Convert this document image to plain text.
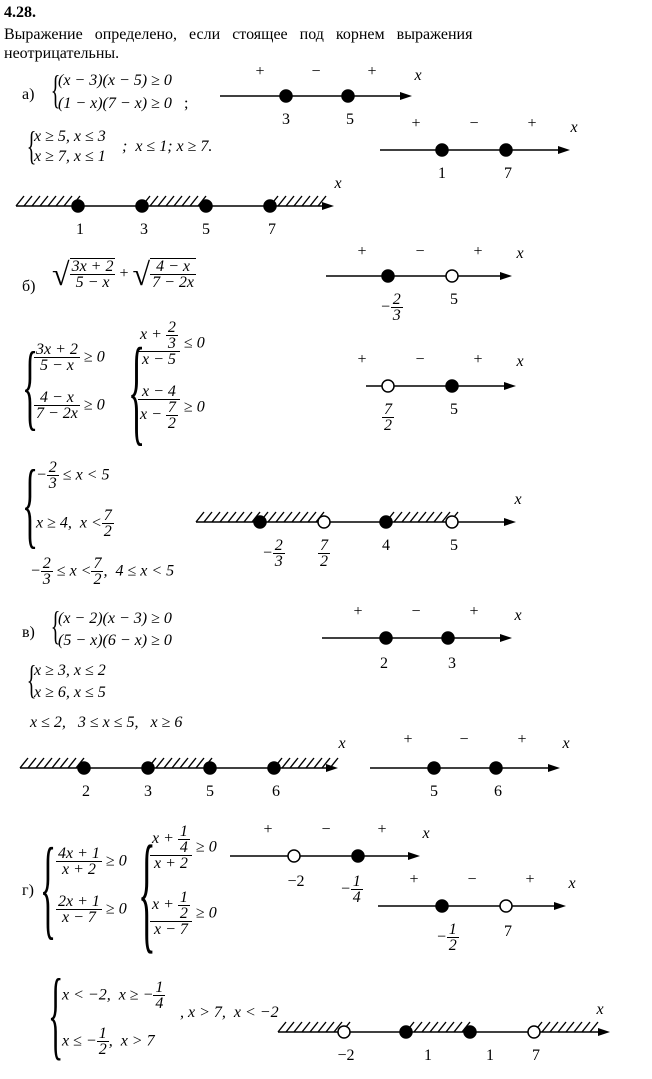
4.28.
Выражение   определено,   если   стоящее   под   корнем   выражения
неотрицательны.
а) {
(x − 3)(x − 5) ≥ 0
(1 − x)(7 − x) ≥ 0 ;
{
x ≥ 5, x ≤ 3
x ≥ 7, x ≤ 1
;  x ≤ 1; x ≥ 7.
б) √ $\frac{3x + 2}{5 - x}$ + √ $\frac{4 - x}{7 - 2x}$
{
$\frac{3x + 2}{5 - x} \ge 0$
$\frac{4 - x}{7 - 2x} \ge 0$ {
$\frac{x + \frac{2}{3}}{x - 5} \le 0$
$\frac{x - 4}{x - \frac{7}{2}} \ge 0$
{
− $\frac{2}{3} \le x < 5$
x ≥ 4,  $x < \frac{7}{2}$
− $\frac{2}{3} \le x < \frac{7}{2}$ ,  4 ≤ x < 5
в) {
(x − 2)(x − 3) ≥ 0
(5 − x)(6 − x) ≥ 0
{
x ≥ 3, x ≤ 2
x ≥ 6, x ≤ 5
x ≤ 2,   3 ≤ x ≤ 5,   x ≥ 6
г) { $\frac{4x + 1}{x + 2} \ge 0$
$\frac{2x + 1}{x - 7} \ge 0$ {
$\frac{x + \frac{1}{4}}{x + 2} \ge 0$
$\frac{x + \frac{1}{2}}{x - 7} \ge 0$
{
x < −2,  x ≥ − $\frac{1}{4}$
x ≤ − $\frac{1}{2}$ ,  x > 7
, x > 7,  x < −2
+	−	+ x
3	5	+	−	+ x
1	7
x
1	3	5	7
+	−	+ x
5
+	−	+ x
5
x
4	5
+	−	+ x
2	3
x
2	3	5	6
+	−	+ x
5	6
+	−	+ x
−2	+	−	+ x
7
x
−2	1	1 7
− $\frac{2}{3}$
$\frac{7}{2}$
− $\frac{2}{3} \frac{7}{2}$
− $\frac{1}{4}$
− $\frac{1}{2}$
